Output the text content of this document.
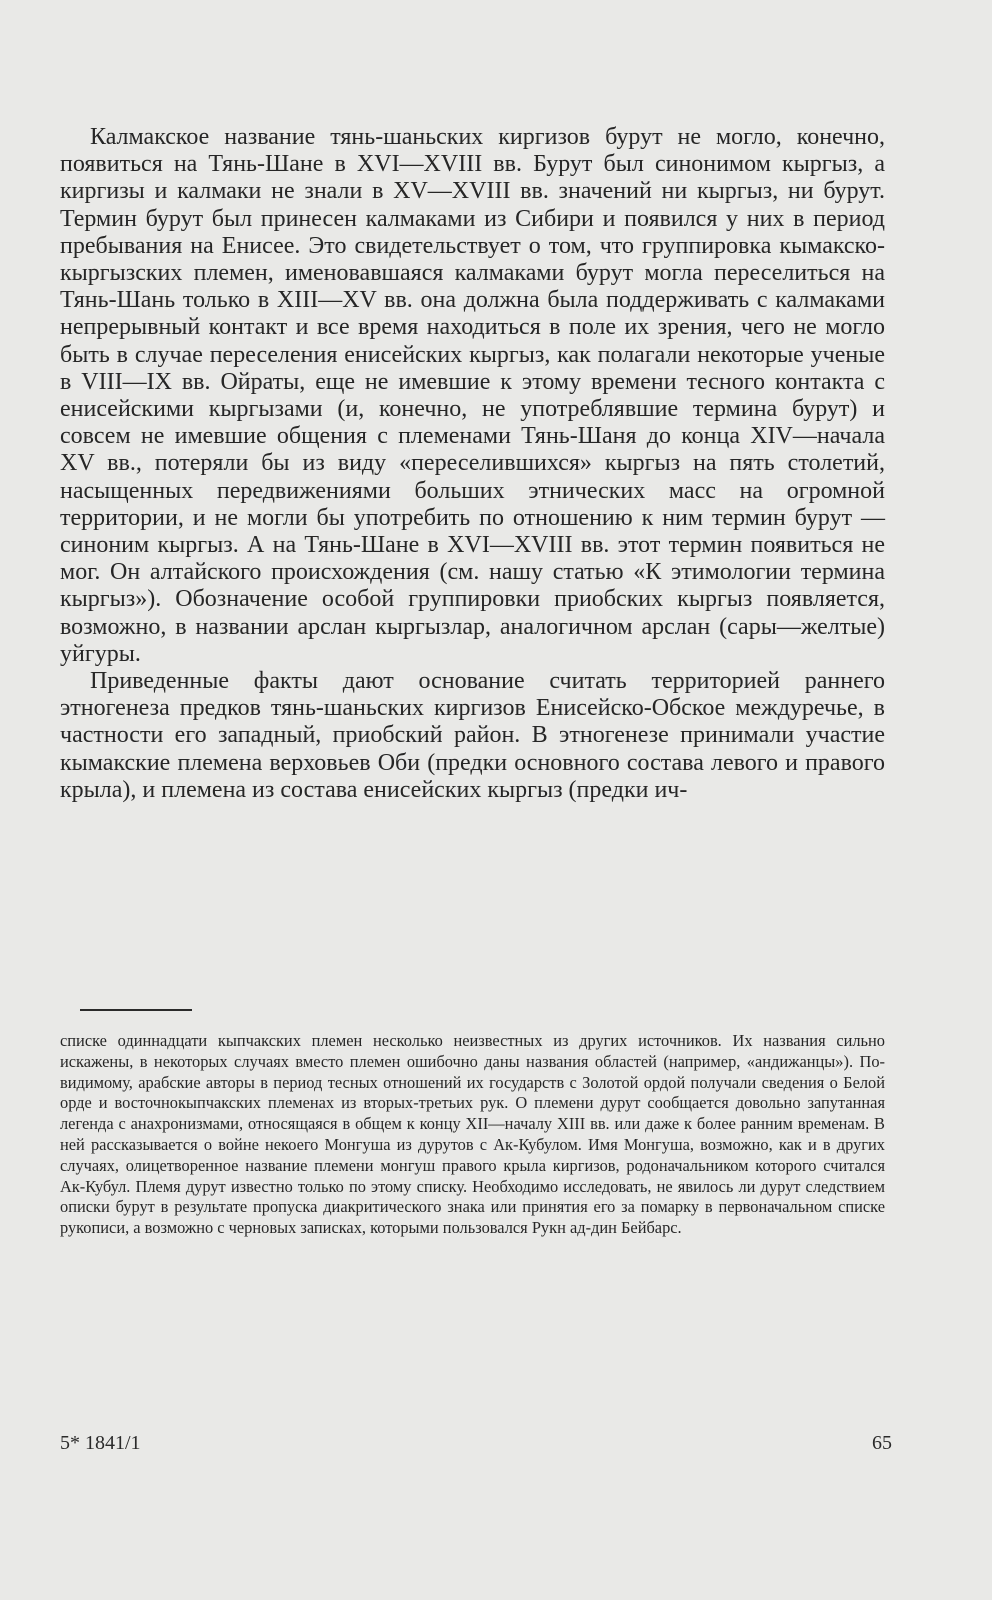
Калмакское название тянь-шаньских киргизов бурут не могло, конечно, появиться на Тянь-Шане в XVI—XVIII вв. Бурут был синонимом кыргыз, а киргизы и калмаки не знали в XV—XVIII вв. значений ни кыргыз, ни бурут. Термин бурут был принесен калмаками из Сибири и появился у них в период пребывания на Енисее. Это свидетельствует о том, что группировка кымакско-кыргызских племен, именовавшаяся калмаками бурут могла переселиться на Тянь-Шань только в XIII—XV вв. она должна была поддерживать с калмаками непрерывный контакт и все время находиться в поле их зрения, чего не могло быть в случае переселения енисейских кыргыз, как полагали некоторые ученые в VIII—IX вв. Ойраты, еще не имевшие к этому времени тесного контакта с енисейскими кыргызами (и, конечно, не употреблявшие термина бурут) и совсем не имевшие общения с племенами Тянь-Шаня до конца XIV—начала XV вв., потеряли бы из виду «переселившихся» кыргыз на пять столетий, насыщенных передвижениями больших этнических масс на огромной территории, и не могли бы употребить по отношению к ним термин бурут — синоним кыргыз. А на Тянь-Шане в XVI—XVIII вв. этот термин появиться не мог. Он алтайского происхождения (см. нашу статью «К этимологии термина кыргыз»). Обозначение особой группировки приобских кыргыз появляется, возможно, в названии арслан кыргызлар, аналогичном арслан (сары—желтые) уйгуры.

Приведенные факты дают основание считать территорией раннего этногенеза предков тянь-шаньских киргизов Енисейско-Обское междуречье, в частности его западный, приобский район. В этногенезе принимали участие кымакские племена верховьев Оби (предки основного состава левого и правого крыла), и племена из состава енисейских кыргыз (предки ич-

списке одиннадцати кыпчакских племен несколько неизвестных из других источников. Их названия сильно искажены, в некоторых случаях вместо племен ошибочно даны названия областей (например, «андижанцы»). По-видимому, арабские авторы в период тесных отношений их государств с Золотой ордой получали сведения о Белой орде и восточнокыпчакских племенах из вторых-третьих рук. О племени дурут сообщается довольно запутанная легенда с анахронизмами, относящаяся в общем к концу XII—началу XIII вв. или даже к более ранним временам. В ней рассказывается о войне некоего Монгуша из дурутов с Ак-Кубулом. Имя Монгуша, возможно, как и в других случаях, олицетворенное название племени монгуш правого крыла киргизов, родоначальником которого считался Ак-Кубул. Племя дурут известно только по этому списку. Необходимо исследовать, не явилось ли дурут следствием описки бурут в результате пропуска диакритического знака или принятия его за помарку в первоначальном списке рукописи, а возможно с черновых записках, которыми пользовался Рукн ад-дин Бейбарс.

5* 1841/1	65
